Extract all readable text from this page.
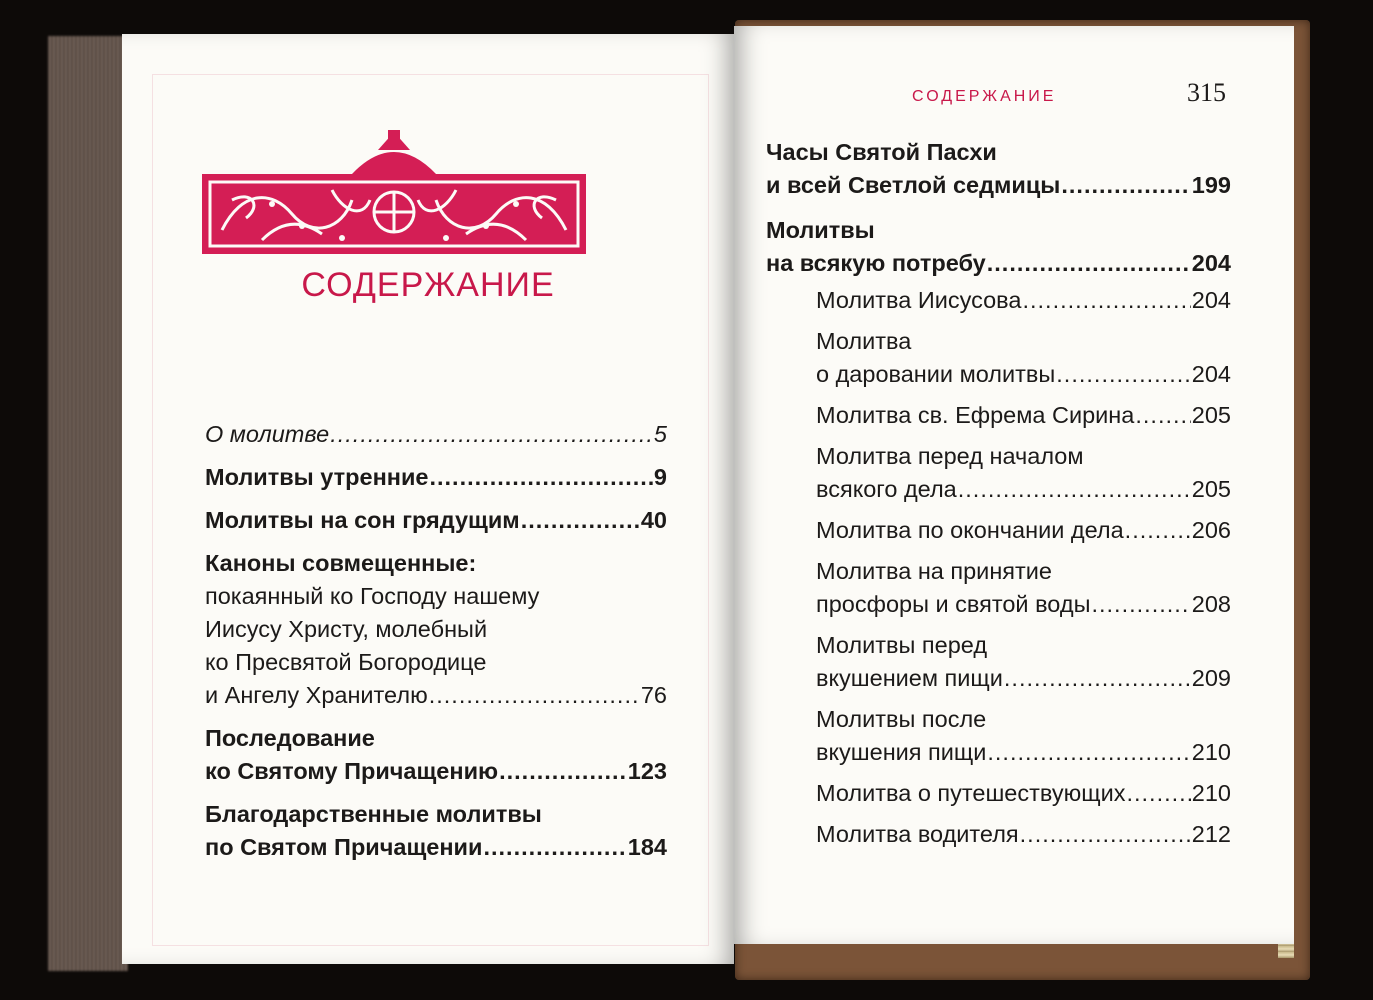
СОДЕРЖАНИЕ
О молитве .....	5
Молитвы утренние .....	9
Молитвы на сон грядущим .....	40
Каноны совмещенные:
покаянный ко Господу нашему
Иисусу Христу, молебный
ко Пресвятой Богородице
и Ангелу Хранителю .....	76
Последование
ко Святому Причащению .....	123
Благодарственные молитвы
по Святом Причащении .....	184
СОДЕРЖАНИЕ	315
Часы Святой Пасхи
и всей Светлой седмицы .....	199
Молитвы
на всякую потребу .....	204
Молитва Иисусова .....	204
Молитва
о даровании молитвы .....	204
Молитва св. Ефрема Сирина ..... 205
Молитва перед началом
всякого дела .....	205
Молитва по окончании дела .....	206
Молитва на принятие
просфоры и святой воды .....	208
Молитвы перед
вкушением пищи .....	209
Молитвы после
вкушения пищи .....	210
Молитва о путешествующих .....	210
Молитва водителя .....	212
